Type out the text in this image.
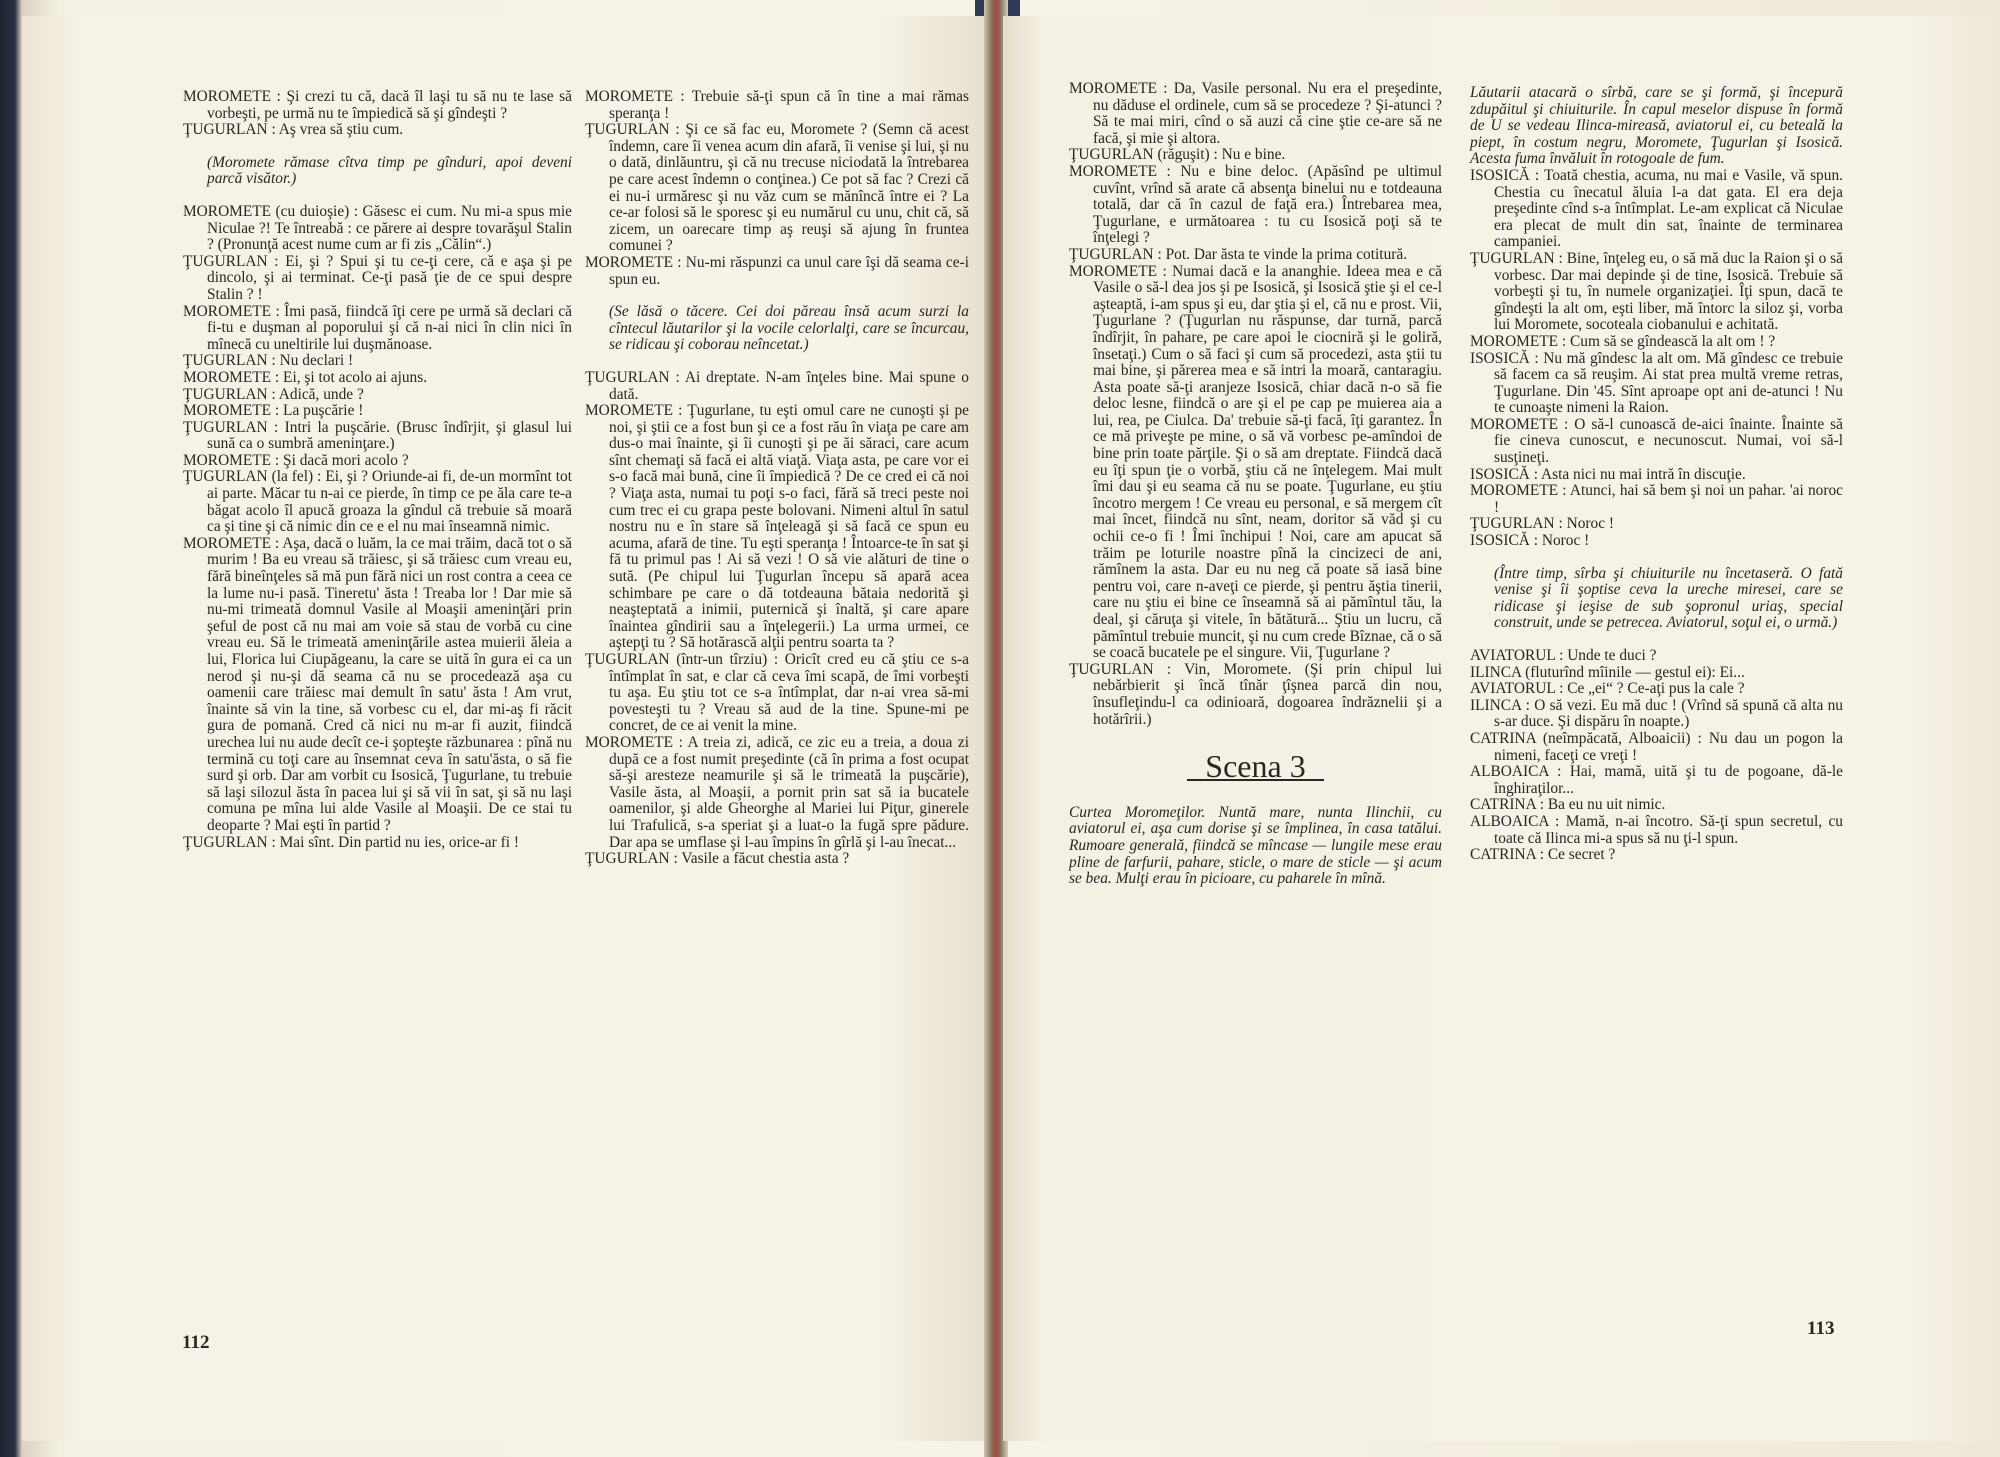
MOROMETE : Şi crezi tu că, dacă îl laşi tu să nu te lase să vorbeşti, pe urmă nu te împiedică să şi gîndeşti ?

ŢUGURLAN : Aş vrea să ştiu cum.

(Moromete rămase cîtva timp pe gînduri, apoi deveni parcă visător.)

MOROMETE (cu duioşie) : Găsesc ei cum. Nu mi-a spus mie Niculae ?! Te întreabă : ce părere ai despre tovarăşul Stalin ? (Pronunţă acest nume cum ar fi zis „Călin“.)

ŢUGURLAN : Ei, şi ? Spui şi tu ce-ţi cere, că e aşa şi pe dincolo, şi ai terminat. Ce-ţi pasă ţie de ce spui despre Stalin ? !

MOROMETE : Îmi pasă, fiindcă îţi cere pe urmă să declari că fi-tu e duşman al poporului şi că n-ai nici în clin nici în mînecă cu uneltirile lui duşmănoase.

ŢUGURLAN : Nu declari !

MOROMETE : Ei, şi tot acolo ai ajuns.

ŢUGURLAN : Adică, unde ?

MOROMETE : La puşcărie !

ŢUGURLAN : Intri la puşcărie. (Brusc îndîrjit, şi glasul lui sună ca o sumbră ameninţare.)

MOROMETE : Şi dacă mori acolo ?

ŢUGURLAN (la fel) : Ei, şi ? Oriunde-ai fi, de-un mormînt tot ai parte. Măcar tu n-ai ce pierde, în timp ce pe ăla care te-a băgat acolo îl apucă groaza la gîndul că trebuie să moară ca şi tine şi că nimic din ce e el nu mai înseamnă nimic.

MOROMETE : Aşa, dacă o luăm, la ce mai trăim, dacă tot o să murim ! Ba eu vreau să trăiesc, şi să trăiesc cum vreau eu, fără bineînţeles să mă pun fără nici un rost contra a ceea ce la lume nu-i pasă. Tineretu' ăsta ! Treaba lor ! Dar mie să nu-mi trimeată domnul Vasile al Moaşii ameninţări prin şeful de post că nu mai am voie să stau de vorbă cu cine vreau eu. Să le trimeată ameninţările astea muierii ăleia a lui, Florica lui Ciupăgeanu, la care se uită în gura ei ca un nerod şi nu-şi dă seama că nu se procedează aşa cu oamenii care trăiesc mai demult în satu' ăsta ! Am vrut, înainte să vin la tine, să vorbesc cu el, dar mi-aş fi răcit gura de pomană. Cred că nici nu m-ar fi auzit, fiindcă urechea lui nu aude decît ce-i şopteşte răzbunarea : pînă nu termină cu toţi care au însemnat ceva în satu'ăsta, o să fie surd şi orb. Dar am vorbit cu Isosică, Ţugurlane, tu trebuie să laşi silozul ăsta în pacea lui şi să vii în sat, şi să nu laşi comuna pe mîna lui alde Vasile al Moaşii. De ce stai tu deoparte ? Mai eşti în partid ?

ŢUGURLAN : Mai sînt. Din partid nu ies, orice-ar fi !

MOROMETE : Trebuie să-ţi spun că în tine a mai rămas speranţa !

ŢUGURLAN : Şi ce să fac eu, Moromete ? (Semn că acest îndemn, care îi venea acum din afară, îi venise şi lui, şi nu o dată, dinlăuntru, şi că nu trecuse niciodată la întrebarea pe care acest îndemn o conţinea.) Ce pot să fac ? Crezi că ei nu-i urmăresc şi nu văz cum se mănîncă între ei ? La ce-ar folosi să le sporesc şi eu numărul cu unu, chit că, să zicem, un oarecare timp aş reuşi să ajung în fruntea comunei ?

MOROMETE : Nu-mi răspunzi ca unul care îşi dă seama ce-i spun eu.

(Se lăsă o tăcere. Cei doi păreau însă acum surzi la cîntecul lăutarilor şi la vocile celorlalţi, care se încurcau, se ridicau şi coborau neîncetat.)

ŢUGURLAN : Ai dreptate. N-am înţeles bine. Mai spune o dată.

MOROMETE : Ţugurlane, tu eşti omul care ne cunoşti şi pe noi, şi ştii ce a fost bun şi ce a fost rău în viaţa pe care am dus-o mai înainte, şi îi cunoşti şi pe ăi săraci, care acum sînt chemaţi să facă ei altă viaţă. Viaţa asta, pe care vor ei s-o facă mai bună, cine îi împiedică ? De ce cred ei că noi ? Viaţa asta, numai tu poţi s-o faci, fără să treci peste noi cum trec ei cu grapa peste bolovani. Nimeni altul în satul nostru nu e în stare să înţeleagă şi să facă ce spun eu acuma, afară de tine. Tu eşti speranţa ! Întoarce-te în sat şi fă tu primul pas ! Ai să vezi ! O să vie alături de tine o sută. (Pe chipul lui Ţugurlan începu să apară acea schimbare pe care o dă totdeauna bătaia nedorită şi neaşteptată a inimii, puternică şi înaltă, şi care apare înaintea gîndirii sau a înţelegerii.) La urma urmei, ce aştepţi tu ? Să hotărască alţii pentru soarta ta ?

ŢUGURLAN (într-un tîrziu) : Oricît cred eu că ştiu ce s-a întîmplat în sat, e clar că ceva îmi scapă, de îmi vorbeşti tu aşa. Eu ştiu tot ce s-a întîmplat, dar n-ai vrea să-mi povesteşti tu ? Vreau să aud de la tine. Spune-mi pe concret, de ce ai venit la mine.

MOROMETE : A treia zi, adică, ce zic eu a treia, a doua zi după ce a fost numit preşedinte (că în prima a fost ocupat să-şi aresteze neamurile şi să le trimeată la puşcărie), Vasile ăsta, al Moaşii, a pornit prin sat să ia bucatele oamenilor, şi alde Gheorghe al Mariei lui Piţur, ginerele lui Trafulică, s-a speriat şi a luat-o la fugă spre pădure. Dar apa se umflase şi l-au împins în gîrlă şi l-au înecat...

ŢUGURLAN : Vasile a făcut chestia asta ?

112

MOROMETE : Da, Vasile personal. Nu era el preşedinte, nu dăduse el ordinele, cum să se procedeze ? Şi-atunci ? Să te mai miri, cînd o să auzi că cine ştie ce-are să ne facă, şi mie şi altora.

ŢUGURLAN (răguşit) : Nu e bine.

MOROMETE : Nu e bine deloc. (Apăsînd pe ultimul cuvînt, vrînd să arate că absenţa binelui nu e totdeauna totală, dar că în cazul de faţă era.) Întrebarea mea, Ţugurlane, e următoarea : tu cu Isosică poţi să te înţelegi ?

ŢUGURLAN : Pot. Dar ăsta te vinde la prima cotitură.

MOROMETE : Numai dacă e la ananghie. Ideea mea e că Vasile o să-l dea jos şi pe Isosică, şi Isosică ştie şi el ce-l aşteaptă, i-am spus şi eu, dar ştia şi el, că nu e prost. Vii, Ţugurlane ? (Ţugurlan nu răspunse, dar turnă, parcă îndîrjit, în pahare, pe care apoi le ciocniră şi le goliră, însetaţi.) Cum o să faci şi cum să procedezi, asta ştii tu mai bine, şi părerea mea e să intri la moară, cantaragiu. Asta poate să-ţi aranjeze Isosică, chiar dacă n-o să fie deloc lesne, fiindcă o are şi el pe cap pe muierea aia a lui, rea, pe Ciulca. Da' trebuie să-ţi facă, îţi garantez. În ce mă priveşte pe mine, o să vă vorbesc pe-amîndoi de bine prin toate părţile. Şi o să am dreptate. Fiindcă dacă eu îţi spun ţie o vorbă, ştiu că ne înţelegem. Mai mult îmi dau şi eu seama că nu se poate. Ţugurlane, eu ştiu încotro mergem ! Ce vreau eu personal, e să mergem cît mai încet, fiindcă nu sînt, neam, doritor să văd şi cu ochii ce-o fi ! Îmi închipui ! Noi, care am apucat să trăim pe loturile noastre pînă la cincizeci de ani, rămînem la asta. Dar eu nu neg că poate să iasă bine pentru voi, care n-aveţi ce pierde, şi pentru ăştia tinerii, care nu ştiu ei bine ce înseamnă să ai pămîntul tău, la deal, şi căruţa şi vitele, în bătătură... Ştiu un lucru, că pămîntul trebuie muncit, şi nu cum crede Bîznae, că o să se coacă bucatele pe el singure. Vii, Ţugurlane ?

ŢUGURLAN : Vin, Moromete. (Şi prin chipul lui nebărbierit şi încă tînăr ţîşnea parcă din nou, însufleţindu-l ca odinioară, dogoarea îndrăznelii şi a hotărîrii.)

Scena 3

Curtea Moromeţilor. Nuntă mare, nunta Ilinchii, cu aviatorul ei, aşa cum dorise şi se împlinea, în casa tatălui. Rumoare generală, fiindcă se mîncase — lungile mese erau pline de farfurii, pahare, sticle, o mare de sticle — şi acum se bea. Mulţi erau în picioare, cu paharele în mînă.

Lăutarii atacară o sîrbă, care se şi formă, şi începură zdupăitul şi chiuiturile. În capul meselor dispuse în formă de U se vedeau Ilinca-mireasă, aviatorul ei, cu beteală la piept, în costum negru, Moromete, Ţugurlan şi Isosică. Acesta fuma învăluit în rotogoale de fum.

ISOSICĂ : Toată chestia, acuma, nu mai e Vasile, vă spun. Chestia cu înecatul ăluia l-a dat gata. El era deja preşedinte cînd s-a întîmplat. Le-am explicat că Niculae era plecat de mult din sat, înainte de terminarea campaniei.

ŢUGURLAN : Bine, înţeleg eu, o să mă duc la Raion şi o să vorbesc. Dar mai depinde şi de tine, Isosică. Trebuie să vorbeşti şi tu, în numele organizaţiei. Îţi spun, dacă te gîndeşti la alt om, eşti liber, mă întorc la siloz şi, vorba lui Moromete, socoteala ciobanului e achitată.

MOROMETE : Cum să se gîndească la alt om ! ?

ISOSICĂ : Nu mă gîndesc la alt om. Mă gîndesc ce trebuie să facem ca să reuşim. Ai stat prea multă vreme retras, Ţugurlane. Din '45. Sînt aproape opt ani de-atunci ! Nu te cunoaşte nimeni la Raion.

MOROMETE : O să-l cunoască de-aici înainte. Înainte să fie cineva cunoscut, e necunoscut. Numai, voi să-l susţineţi.

ISOSICĂ : Asta nici nu mai intră în discuţie.

MOROMETE : Atunci, hai să bem şi noi un pahar. 'ai noroc !

ŢUGURLAN : Noroc !

ISOSICĂ : Noroc !

(Între timp, sîrba şi chiuiturile nu încetaseră. O fată venise şi îi şoptise ceva la ureche miresei, care se ridicase şi ieşise de sub şopronul uriaş, special construit, unde se petrecea. Aviatorul, soţul ei, o urmă.)

AVIATORUL : Unde te duci ?

ILINCA (fluturînd mîinile — gestul ei): Ei...

AVIATORUL : Ce „ei“ ? Ce-aţi pus la cale ?

ILINCA : O să vezi. Eu mă duc ! (Vrînd să spună că alta nu s-ar duce. Şi dispăru în noapte.)

CATRINA (neîmpăcată, Alboaicii) : Nu dau un pogon la nimeni, faceţi ce vreţi !

ALBOAICA : Hai, mamă, uită şi tu de pogoane, dă-le înghiraţilor...

CATRINA : Ba eu nu uit nimic.

ALBOAICA : Mamă, n-ai încotro. Să-ţi spun secretul, cu toate că Ilinca mi-a spus să nu ţi-l spun.

CATRINA : Ce secret ?

113
